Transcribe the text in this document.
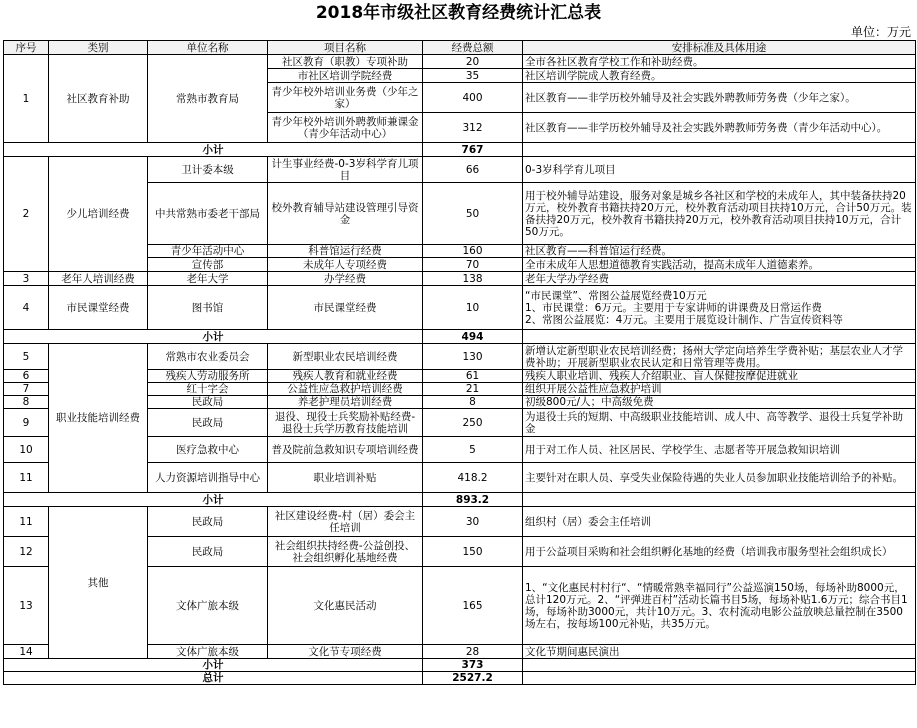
2018年市级社区教育经费统计汇总表
单位：万元
序号	类别	单位名称	项目名称	经费总额	安排标准及具体用途
1	社区教育补助	常熟市教育局	社区教育（职教）专项补助	20	全市各社区教育学校工作和补助经费。
			市社区培训学院经费	35	社区培训学院成人教育经费。
			青少年校外培训业务费（少年之家）	400	社区教育——非学历校外辅导及社会实践外聘教师劳务费（少年之家）。
			青少年校外培训外聘教师兼课金（青少年活动中心）	312	社区教育——非学历校外辅导及社会实践外聘教师劳务费（青少年活动中心）。
小计				767	
2	少儿培训经费	卫计委本级	计生事业经费-0-3岁科学育儿项目	66	0-3岁科学育儿项目
		中共常熟市委老干部局	校外教育辅导站建设管理引导资金	50	用于校外辅导站建设，服务对象是城乡各社区和学校的未成年人，其中装备扶持20万元，校外教育书籍扶持20万元，校外教育活动项目扶持10万元，合计50万元。装备扶持20万元，校外教育书籍扶持20万元，校外教育活动项目扶持10万元，合计50万元。
		青少年活动中心	科普馆运行经费	160	社区教育——科普馆运行经费。
		宣传部	未成年人专项经费	70	全市未成年人思想道德教育实践活动，提高未成年人道德素养。
3	老年人培训经费	老年大学	办学经费	138	老年大学办学经费
4	市民课堂经费	图书馆	市民课堂经费	10	“市民课堂”、常图公益展览经费10万元
1、市民课堂：6万元。主要用于专家讲师的讲课费及日常运作费
2、常图公益展览：4万元。主要用于展览设计制作、广告宣传资料等
小计				494	
5	职业技能培训经费	常熟市农业委员会	新型职业农民培训经费	130	新增认定新型职业农民培训经费；扬州大学定向培养生学费补贴；基层农业人才学费补助；开展新型职业农民认定和日常管理等费用。
6		残疾人劳动服务所	残疾人教育和就业经费	61	残疾人职业培训、残疾人介绍职业、盲人保健按摩促进就业
7		红十字会	公益性应急救护培训经费	21	组织开展公益性应急救护培训
8		民政局	养老护理员培训经费	8	初级800元/人；中高级免费
9		民政局	退役、现役士兵奖励补贴经费-退役士兵学历教育技能培训	250	为退役士兵的短期、中高级职业技能培训、成人中、高等教学、退役士兵复学补助金
10		医疗急救中心	普及院前急救知识专项培训经费	5	用于对工作人员、社区居民、学校学生、志愿者等开展急救知识培训
11		人力资源培训指导中心	职业培训补贴	418.2	主要针对在职人员、享受失业保险待遇的失业人员参加职业技能培训给予的补贴。
小计				893.2	
11	其他	民政局	社区建设经费-村（居）委会主任培训	30	组织村（居）委会主任培训
12		民政局	社会组织扶持经费-公益创投、社会组织孵化基地经费	150	用于公益项目采购和社会组织孵化基地的经费（培训我市服务型社会组织成长）
13		文体广旅本级	文化惠民活动	165	1、“文化惠民村村行“、“情暖常熟幸福同行”公益巡演150场，每场补助8000元，总计120万元。2、“评弹进百村”活动长篇书目5场，每场补贴1.6万元；综合书目1场，每场补助3000元，共计10万元。3、农村流动电影公益放映总量控制在3500场左右，按每场100元补贴，共35万元。
14		文体广旅本级	文化节专项经费	28	文化节期间惠民演出
小计				373	
总计				2527.2	
